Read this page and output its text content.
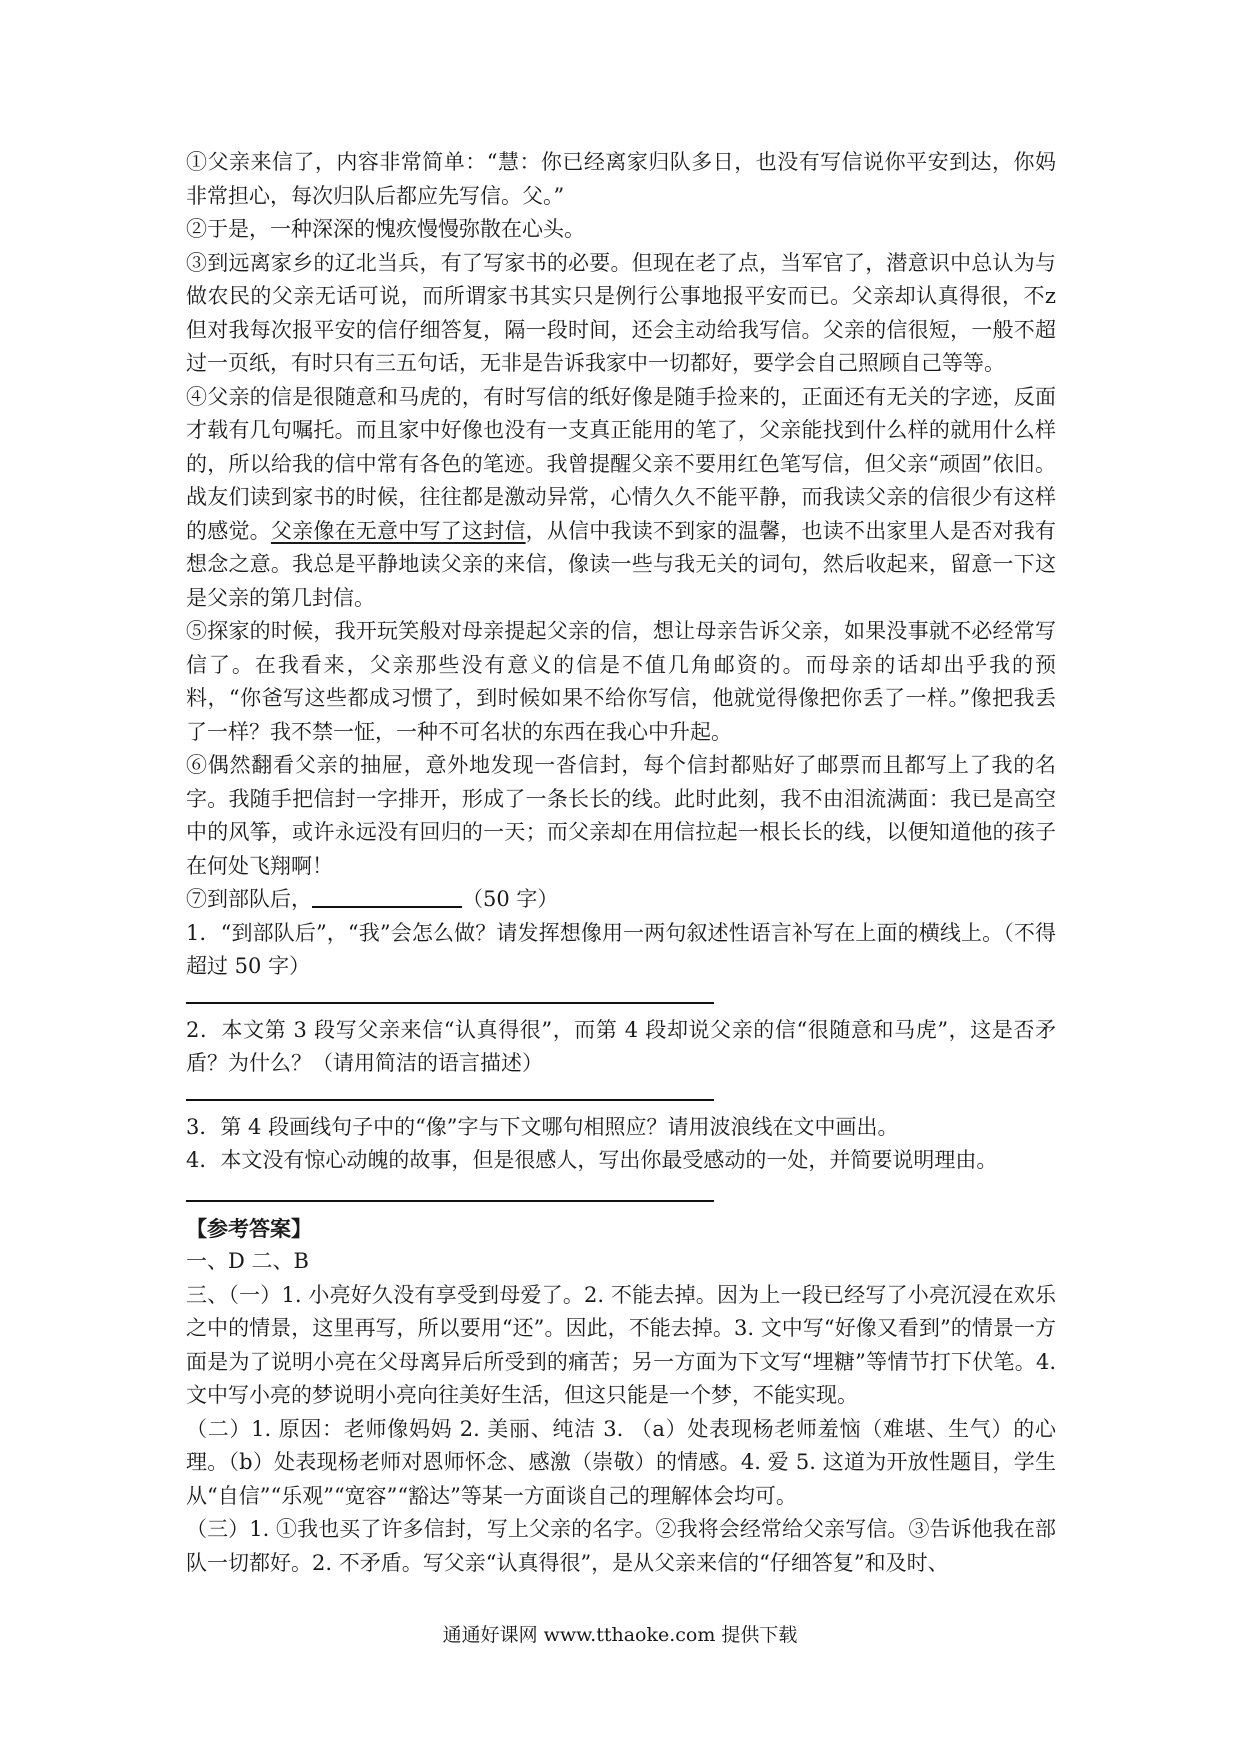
①父亲来信了，内容非常简单：“慧：你已经离家归队多日，也没有写信说你平安到达，你妈非常担心，每次归队后都应先写信。父。”

②于是，一种深深的愧疚慢慢弥散在心头。

③到远离家乡的辽北当兵，有了写家书的必要。但现在老了点，当军官了，潜意识中总认为与做农民的父亲无话可说，而所谓家书其实只是例行公事地报平安而已。父亲却认真得很，不z但对我每次报平安的信仔细答复，隔一段时间，还会主动给我写信。父亲的信很短，一般不超过一页纸，有时只有三五句话，无非是告诉我家中一切都好，要学会自己照顾自己等等。

④父亲的信是很随意和马虎的，有时写信的纸好像是随手捡来的，正面还有无关的字迹，反面才载有几句嘱托。而且家中好像也没有一支真正能用的笔了，父亲能找到什么样的就用什么样的，所以给我的信中常有各色的笔迹。我曾提醒父亲不要用红色笔写信，但父亲“顽固”依旧。战友们读到家书的时候，往往都是激动异常，心情久久不能平静，而我读父亲的信很少有这样的感觉。父亲像在无意中写了这封信，从信中我读不到家的温馨，也读不出家里人是否对我有想念之意。我总是平静地读父亲的来信，像读一些与我无关的词句，然后收起来，留意一下这是父亲的第几封信。

⑤探家的时候，我开玩笑般对母亲提起父亲的信，想让母亲告诉父亲，如果没事就不必经常写信了。在我看来，父亲那些没有意义的信是不值几角邮资的。而母亲的话却出乎我的预料，“你爸写这些都成习惯了，到时候如果不给你写信，他就觉得像把你丢了一样。”像把我丢了一样？我不禁一怔，一种不可名状的东西在我心中升起。

⑥偶然翻看父亲的抽屉，意外地发现一沓信封，每个信封都贴好了邮票而且都写上了我的名字。我随手把信封一字排开，形成了一条长长的线。此时此刻，我不由泪流满面：我已是高空中的风筝，或许永远没有回归的一天；而父亲却在用信拉起一根长长的线，以便知道他的孩子在何处飞翔啊！

⑦到部队后，	（50 字）

1．“到部队后”，“我”会怎么做？请发挥想像用一两句叙述性语言补写在上面的横线上。（不得超过 50 字）

2．本文第 3 段写父亲来信“认真得很”，而第 4 段却说父亲的信“很随意和马虎”，这是否矛盾？为什么？（请用简洁的语言描述）

3．第 4 段画线句子中的“像”字与下文哪句相照应？请用波浪线在文中画出。

4．本文没有惊心动魄的故事，但是很感人，写出你最受感动的一处，并简要说明理由。

【参考答案】

一、D 二、B

三、（一）1. 小亮好久没有享受到母爱了。2. 不能去掉。因为上一段已经写了小亮沉浸在欢乐之中的情景，这里再写，所以要用“还”。因此，不能去掉。3. 文中写“好像又看到”的情景一方面是为了说明小亮在父母离异后所受到的痛苦；另一方面为下文写“埋糖”等情节打下伏笔。4. 文中写小亮的梦说明小亮向往美好生活，但这只能是一个梦，不能实现。

（二）1. 原因：老师像妈妈 2. 美丽、纯洁 3. （a）处表现杨老师羞恼（难堪、生气）的心理。（b）处表现杨老师对恩师怀念、感激（崇敬）的情感。4. 爱 5. 这道为开放性题目，学生从“自信”“乐观”“宽容”“豁达”等某一方面谈自己的理解体会均可。

（三）1. ①我也买了许多信封，写上父亲的名字。②我将会经常给父亲写信。③告诉他我在部队一切都好。2. 不矛盾。写父亲“认真得很”，是从父亲来信的“仔细答复”和及时、

通通好课网 www.tthaoke.com 提供下载
